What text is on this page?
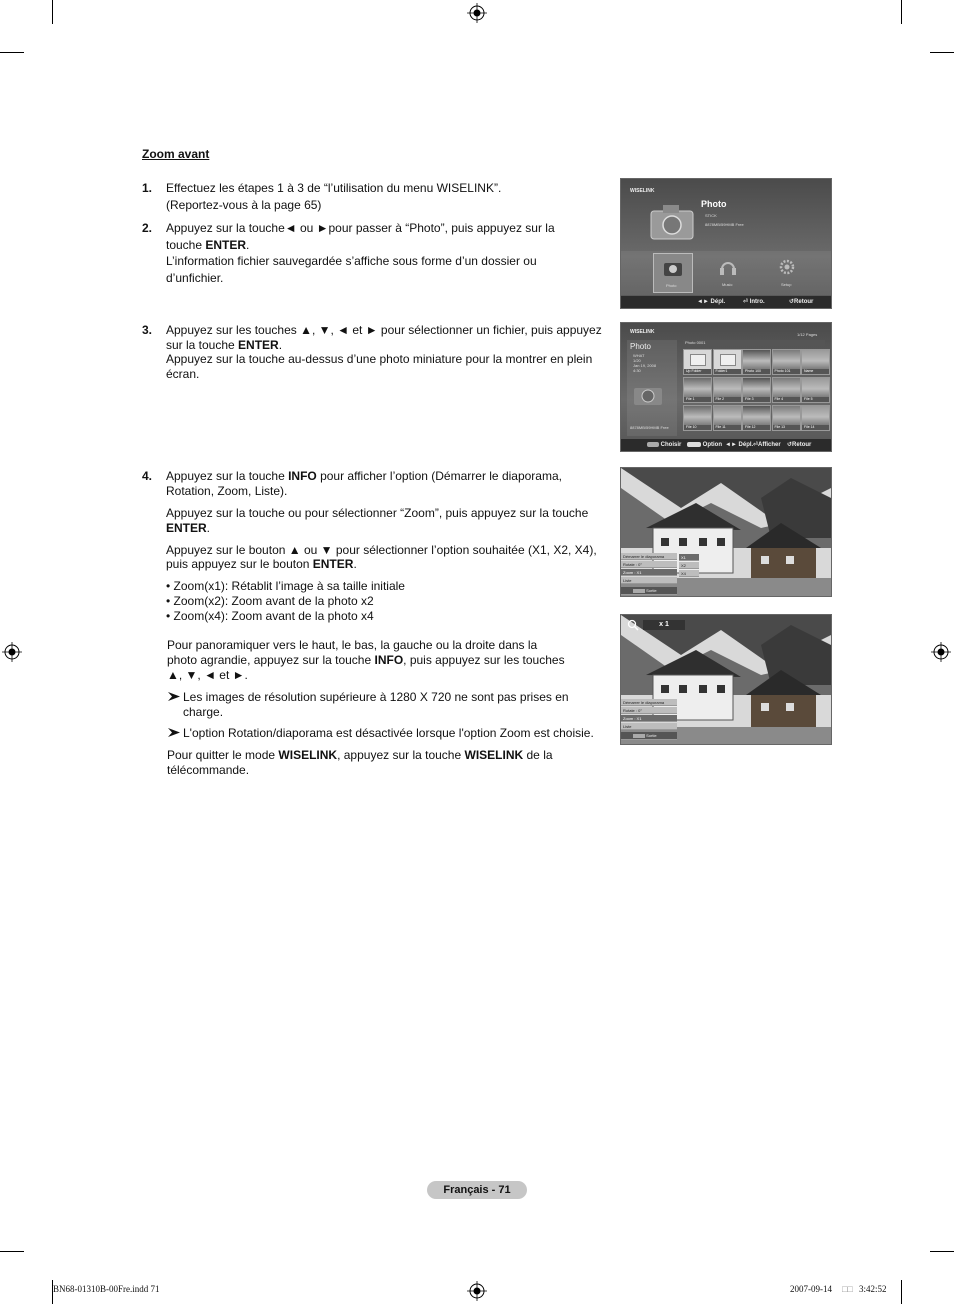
Zoom avant
1. Effectuez les étapes 1 à 3 de “l’utilisation du menu WISELINK”.
(Reportez-vous à la page 65)
2. Appuyez sur la touche◄ ou ►pour passer à “Photo”, puis appuyez sur la
touche ENTER.
L’information fichier sauvegardée s’affiche sous forme d’un dossier ou
d’unfichier.
3. Appuyez sur les touches ▲, ▼, ◄ et ► pour sélectionner un fichier, puis appuyez
sur la touche ENTER.
Appuyez sur la touche au-dessus d’une photo miniature pour la montrer en plein
écran.
4. Appuyez sur la touche INFO pour afficher l’option (Démarrer le diaporama,
Rotation, Zoom, Liste).
Appuyez sur la touche ou pour sélectionner “Zoom”, puis appuyez sur la touche
ENTER.
Appuyez sur le bouton ▲ ou ▼ pour sélectionner l’option souhaitée (X1, X2, X4),
puis appuyez sur le bouton ENTER.
• Zoom(x1): Rétablit l’image à sa taille initiale
• Zoom(x2): Zoom avant de la photo x2
• Zoom(x4): Zoom avant de la photo x4
Pour panoramiquer vers le haut, le bas, la gauche ou la droite dans la
photo agrandie, appuyez sur la touche INFO, puis appuyez sur les touches
▲, ▼, ◄ et ►.
Les images de résolution supérieure à 1280 X 720 ne sont pas prises en
charge.
L'option Rotation/diaporama est désactivée lorsque l'option Zoom est choisie.
Pour quitter le mode WISELINK, appuyez sur la touche WISELINK de la
télécommande.
WISELINK
Photo
STICK
8878MB/59HMB Free
Photo	Music	Setup
◄► Dépl.	⏎ Intro.	↺Retour
WISELINK	1/12 Pages
Photo
WHAT
1/20
Jan 19, 2008
4:30
8878MB/59HMB Free
Photo 0001
Choisir	Option ◄► Dépl. ⏎Afficher ↺Retour
Up Folder	Folder1	Photo 100	Photo 101	Name
File 1	File 2	File 3	File 4	File 5
File 10	File 11	File 12	File 13	File 14
Démarrer le diaporama
Rotate : 0°
Zoom : X1
Liste
Sortie
X1
X2
X4
x 1
Démarrer le diaporama
Rotate : 0°
Zoom : X1
Liste
Sortie
Français - 71
BN68-01310B-00Fre.indd 71	2007-09-14 □□ 3:42:52
